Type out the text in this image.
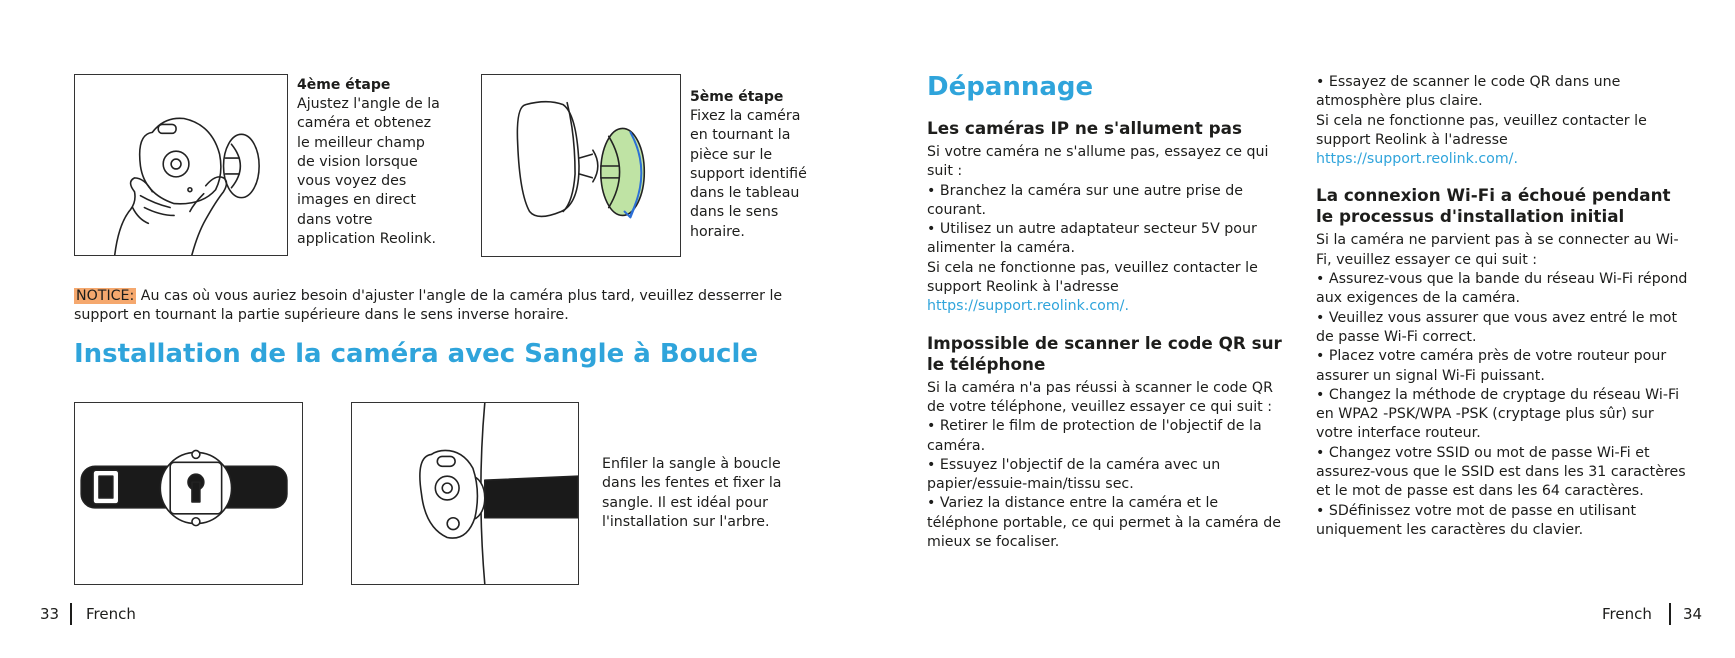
4ème étape
Ajustez l'angle de la
caméra et obtenez
le meilleur champ
de vision lorsque
vous voyez des
images en direct
dans votre
application Reolink.
5ème étape
Fixez la caméra
en tournant la
pièce sur le
support identifié
dans le tableau
dans le sens
horaire.
NOTICE: Au cas où vous auriez besoin d'ajuster l'angle de la caméra plus tard, veuillez desserrer le support en tournant la partie supérieure dans le sens inverse horaire.
Installation de la caméra avec Sangle à Boucle
Enfiler la sangle à boucle
dans les fentes et fixer la
sangle. Il est idéal pour
l'installation sur l'arbre.
33 French
Dépannage
Les caméras IP ne s'allument pas
Si votre caméra ne s'allume pas, essayez ce qui suit :
• Branchez la caméra sur une autre prise de courant.
• Utilisez un autre adaptateur secteur 5V pour alimenter la caméra.
Si cela ne fonctionne pas, veuillez contacter le support Reolink à l'adresse
https://support.reolink.com/.
Impossible de scanner le code QR sur le téléphone
Si la caméra n'a pas réussi à scanner le code QR de votre téléphone, veuillez essayer ce qui suit :
• Retirer le film de protection de l'objectif de la caméra.
• Essuyez l'objectif de la caméra avec un papier/essuie-main/tissu sec.
• Variez la distance entre la caméra et le téléphone portable, ce qui permet à la caméra de mieux se focaliser.
• Essayez de scanner le code QR dans une atmosphère plus claire.
Si cela ne fonctionne pas, veuillez contacter le support Reolink à l'adresse
https://support.reolink.com/.
La connexion Wi-Fi a échoué pendant le processus d'installation initial
Si la caméra ne parvient pas à se connecter au Wi-Fi, veuillez essayer ce qui suit :
• Assurez-vous que la bande du réseau Wi-Fi répond aux exigences de la caméra.
• Veuillez vous assurer que vous avez entré le mot de passe Wi-Fi correct.
• Placez votre caméra près de votre routeur pour assurer un signal Wi-Fi puissant.
• Changez la méthode de cryptage du réseau Wi-Fi en WPA2 -PSK/WPA -PSK (cryptage plus sûr) sur votre interface routeur.
• Changez votre SSID ou mot de passe Wi-Fi et assurez-vous que le SSID est dans les 31 caractères et le mot de passe est dans les 64 caractères.
• SDéfinissez votre mot de passe en utilisant uniquement les caractères du clavier.
French 34
